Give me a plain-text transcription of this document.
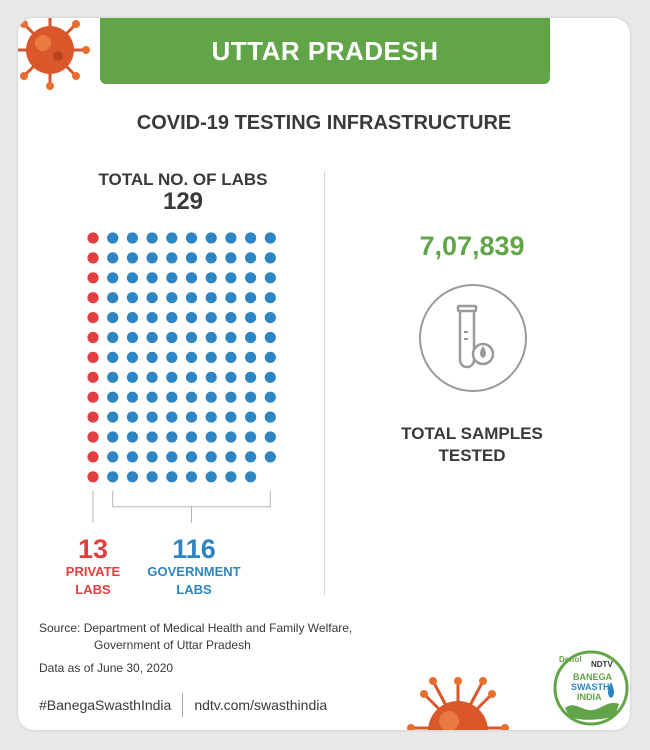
UTTAR PRADESH
COVID-19 TESTING INFRASTRUCTURE
TOTAL NO. OF LABS
129
13
PRIVATE
LABS
116
GOVERNMENT
LABS
7,07,839
TOTAL SAMPLES
TESTED
Source: Department of Medical Health and Family Welfare,
Government of Uttar Pradesh
Data as of June 30, 2020
#BanegaSwasthIndia ndtv.com/swasthindia
Dettol
NDTV
BANEGA
SWASTH
INDIA
